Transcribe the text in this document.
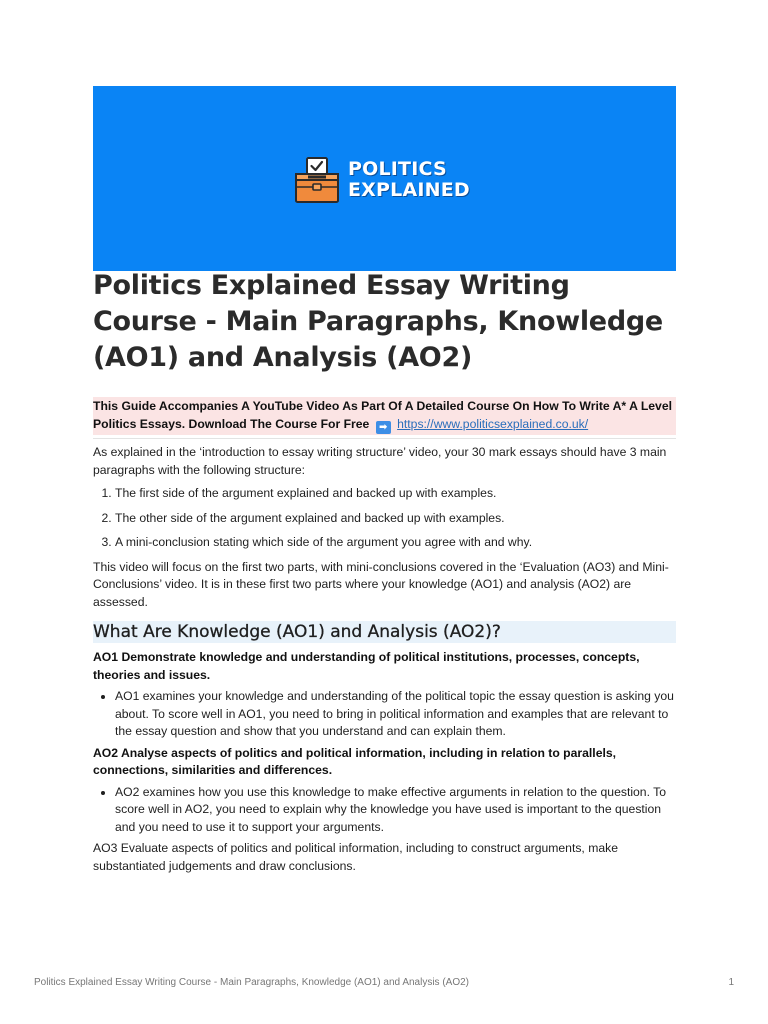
POLITICS
EXPLAINED
Politics Explained Essay Writing Course - Main Paragraphs, Knowledge (AO1) and Analysis (AO2)
This Guide Accompanies A YouTube Video As Part Of A Detailed Course On How To Write A* A Level Politics Essays. Download The Course For Free ➡ https://www.politicsexplained.co.uk/

As explained in the ‘introduction to essay writing structure’ video, your 30 mark essays should have 3 main paragraphs with the following structure:

1. The first side of the argument explained and backed up with examples.
2. The other side of the argument explained and backed up with examples.
3. A mini-conclusion stating which side of the argument you agree with and why.

This video will focus on the first two parts, with mini-conclusions covered in the ‘Evaluation (AO3) and Mini-Conclusions’ video. It is in these first two parts where your knowledge (AO1) and analysis (AO2) are assessed.

What Are Knowledge (AO1) and Analysis (AO2)?

AO1 Demonstrate knowledge and understanding of political institutions, processes, concepts, theories and issues.

• AO1 examines your knowledge and understanding of the political topic the essay question is asking you about. To score well in AO1, you need to bring in political information and examples that are relevant to the essay question and show that you understand and can explain them.

AO2 Analyse aspects of politics and political information, including in relation to parallels, connections, similarities and differences.

• AO2 examines how you use this knowledge to make effective arguments in relation to the question. To score well in AO2, you need to explain why the knowledge you have used is important to the question and you need to use it to support your arguments.

AO3 Evaluate aspects of politics and political information, including to construct arguments, make substantiated judgements and draw conclusions.

Politics Explained Essay Writing Course - Main Paragraphs, Knowledge (AO1) and Analysis (AO2)	1
